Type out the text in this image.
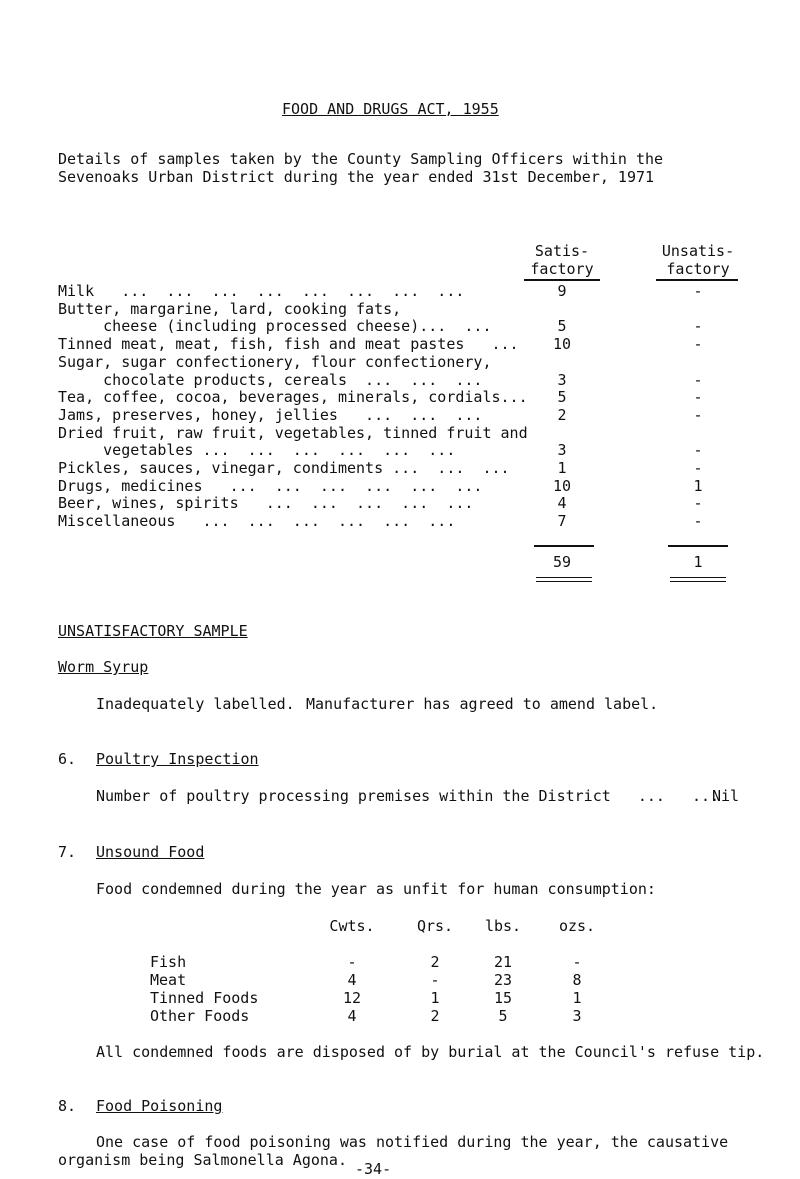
FOOD AND DRUGS ACT, 1955
Details of samples taken by the County Sampling Officers within the
Sevenoaks Urban District during the year ended 31st December, 1971
Satis-
factory
Unsatis-
factory
Milk   ...  ...  ...  ...  ...  ...  ...  ...	9	-
Butter, margarine, lard, cooking fats,
cheese (including processed cheese)...  ...	5	-
Tinned meat, meat, fish, fish and meat pastes   ...	10	-
Sugar, sugar confectionery, flour confectionery,
chocolate products, cereals  ...  ...  ...	3	-
Tea, coffee, cocoa, beverages, minerals, cordials...	5	-
Jams, preserves, honey, jellies   ...  ...  ...	2	-
Dried fruit, raw fruit, vegetables, tinned fruit and
vegetables ...  ...  ...  ...  ...  ...	3	-
Pickles, sauces, vinegar, condiments ...  ...  ...	1	-
Drugs, medicines   ...  ...  ...  ...  ...  ...	10	1
Beer, wines, spirits   ...  ...  ...  ...  ...	4	-
Miscellaneous   ...  ...  ...  ...  ...  ...	7	-
59	1
UNSATISFACTORY SAMPLE
Worm Syrup
Inadequately labelled. Manufacturer has agreed to amend label.
6. Poultry Inspection
Number of poultry processing premises within the District   ...   ...
Nil
7. Unsound Food
Food condemned during the year as unfit for human consumption:
Cwts.	Qrs.	lbs.	ozs.
Fish	-	2	21	-
Meat	4	-	23	8
Tinned Foods	12	1	15	1
Other Foods	4	2	5	3
All condemned foods are disposed of by burial at the Council's refuse tip.
8. Food Poisoning
One case of food poisoning was notified during the year, the causative
organism being Salmonella Agona. -34-
